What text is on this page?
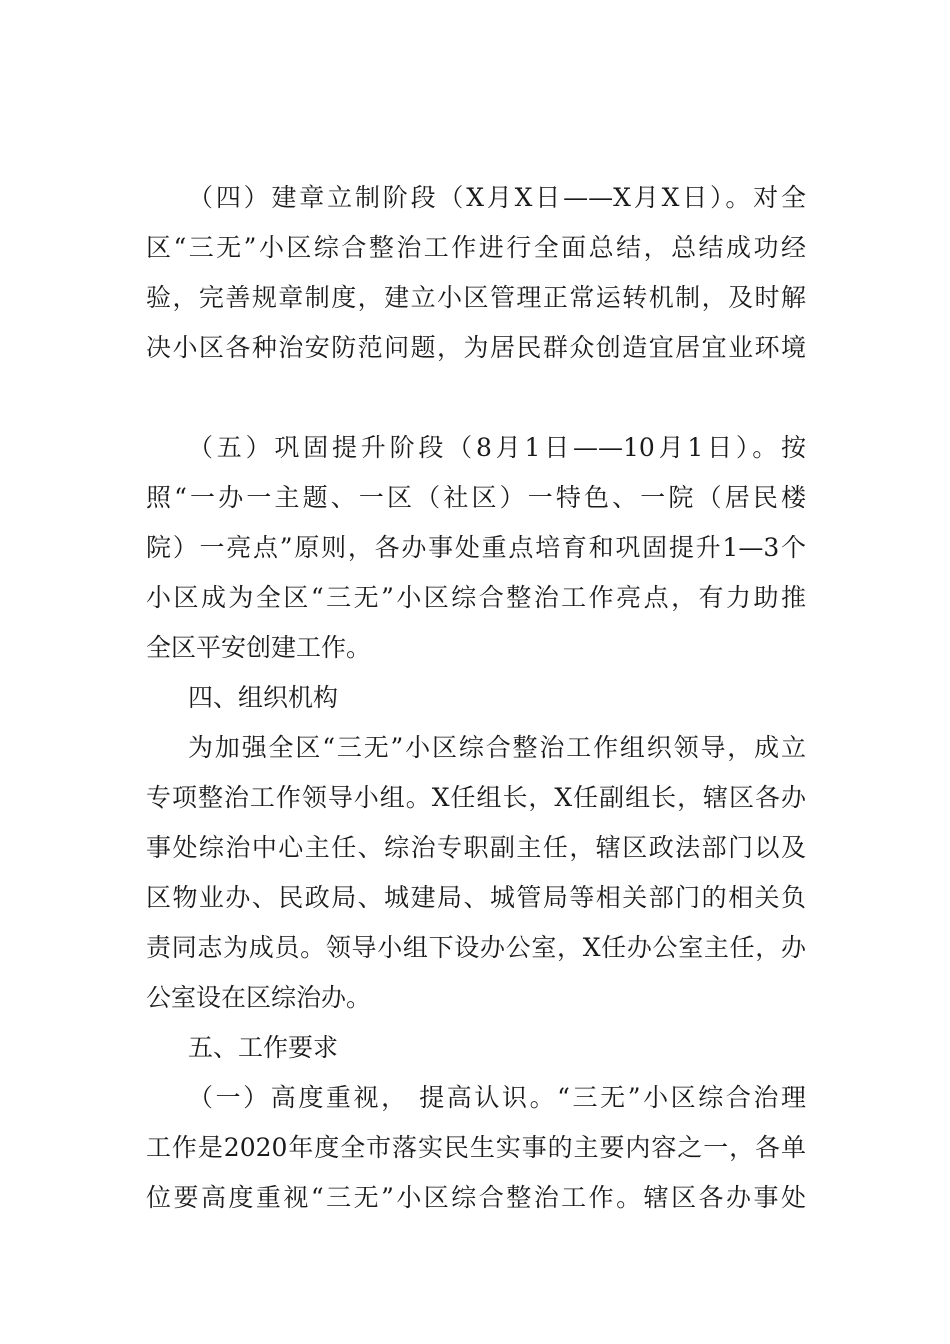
（四）建章立制阶段（X月X日——X月X日）。对全
区“三无”小区综合整治工作进行全面总结，总结成功经
验，完善规章制度，建立小区管理正常运转机制，及时解
决小区各种治安防范问题，为居民群众创造宜居宜业环境
（五）巩固提升阶段（8月1日——10月1日）。按
照“一办一主题、一区（社区）一特色、一院（居民楼
院）一亮点”原则，各办事处重点培育和巩固提升1—3个
小区成为全区“三无”小区综合整治工作亮点，有力助推
全区平安创建工作。
四、组织机构
为加强全区“三无”小区综合整治工作组织领导，成立
专项整治工作领导小组。X任组长，X任副组长，辖区各办
事处综治中心主任、综治专职副主任，辖区政法部门以及
区物业办、民政局、城建局、城管局等相关部门的相关负
责同志为成员。领导小组下设办公室，X任办公室主任，办
公室设在区综治办。
五、工作要求
（一）高度重视， 提高认识。“三无”小区综合治理
工作是2020年度全市落实民生实事的主要内容之一，各单
位要高度重视“三无”小区综合整治工作。辖区各办事处
